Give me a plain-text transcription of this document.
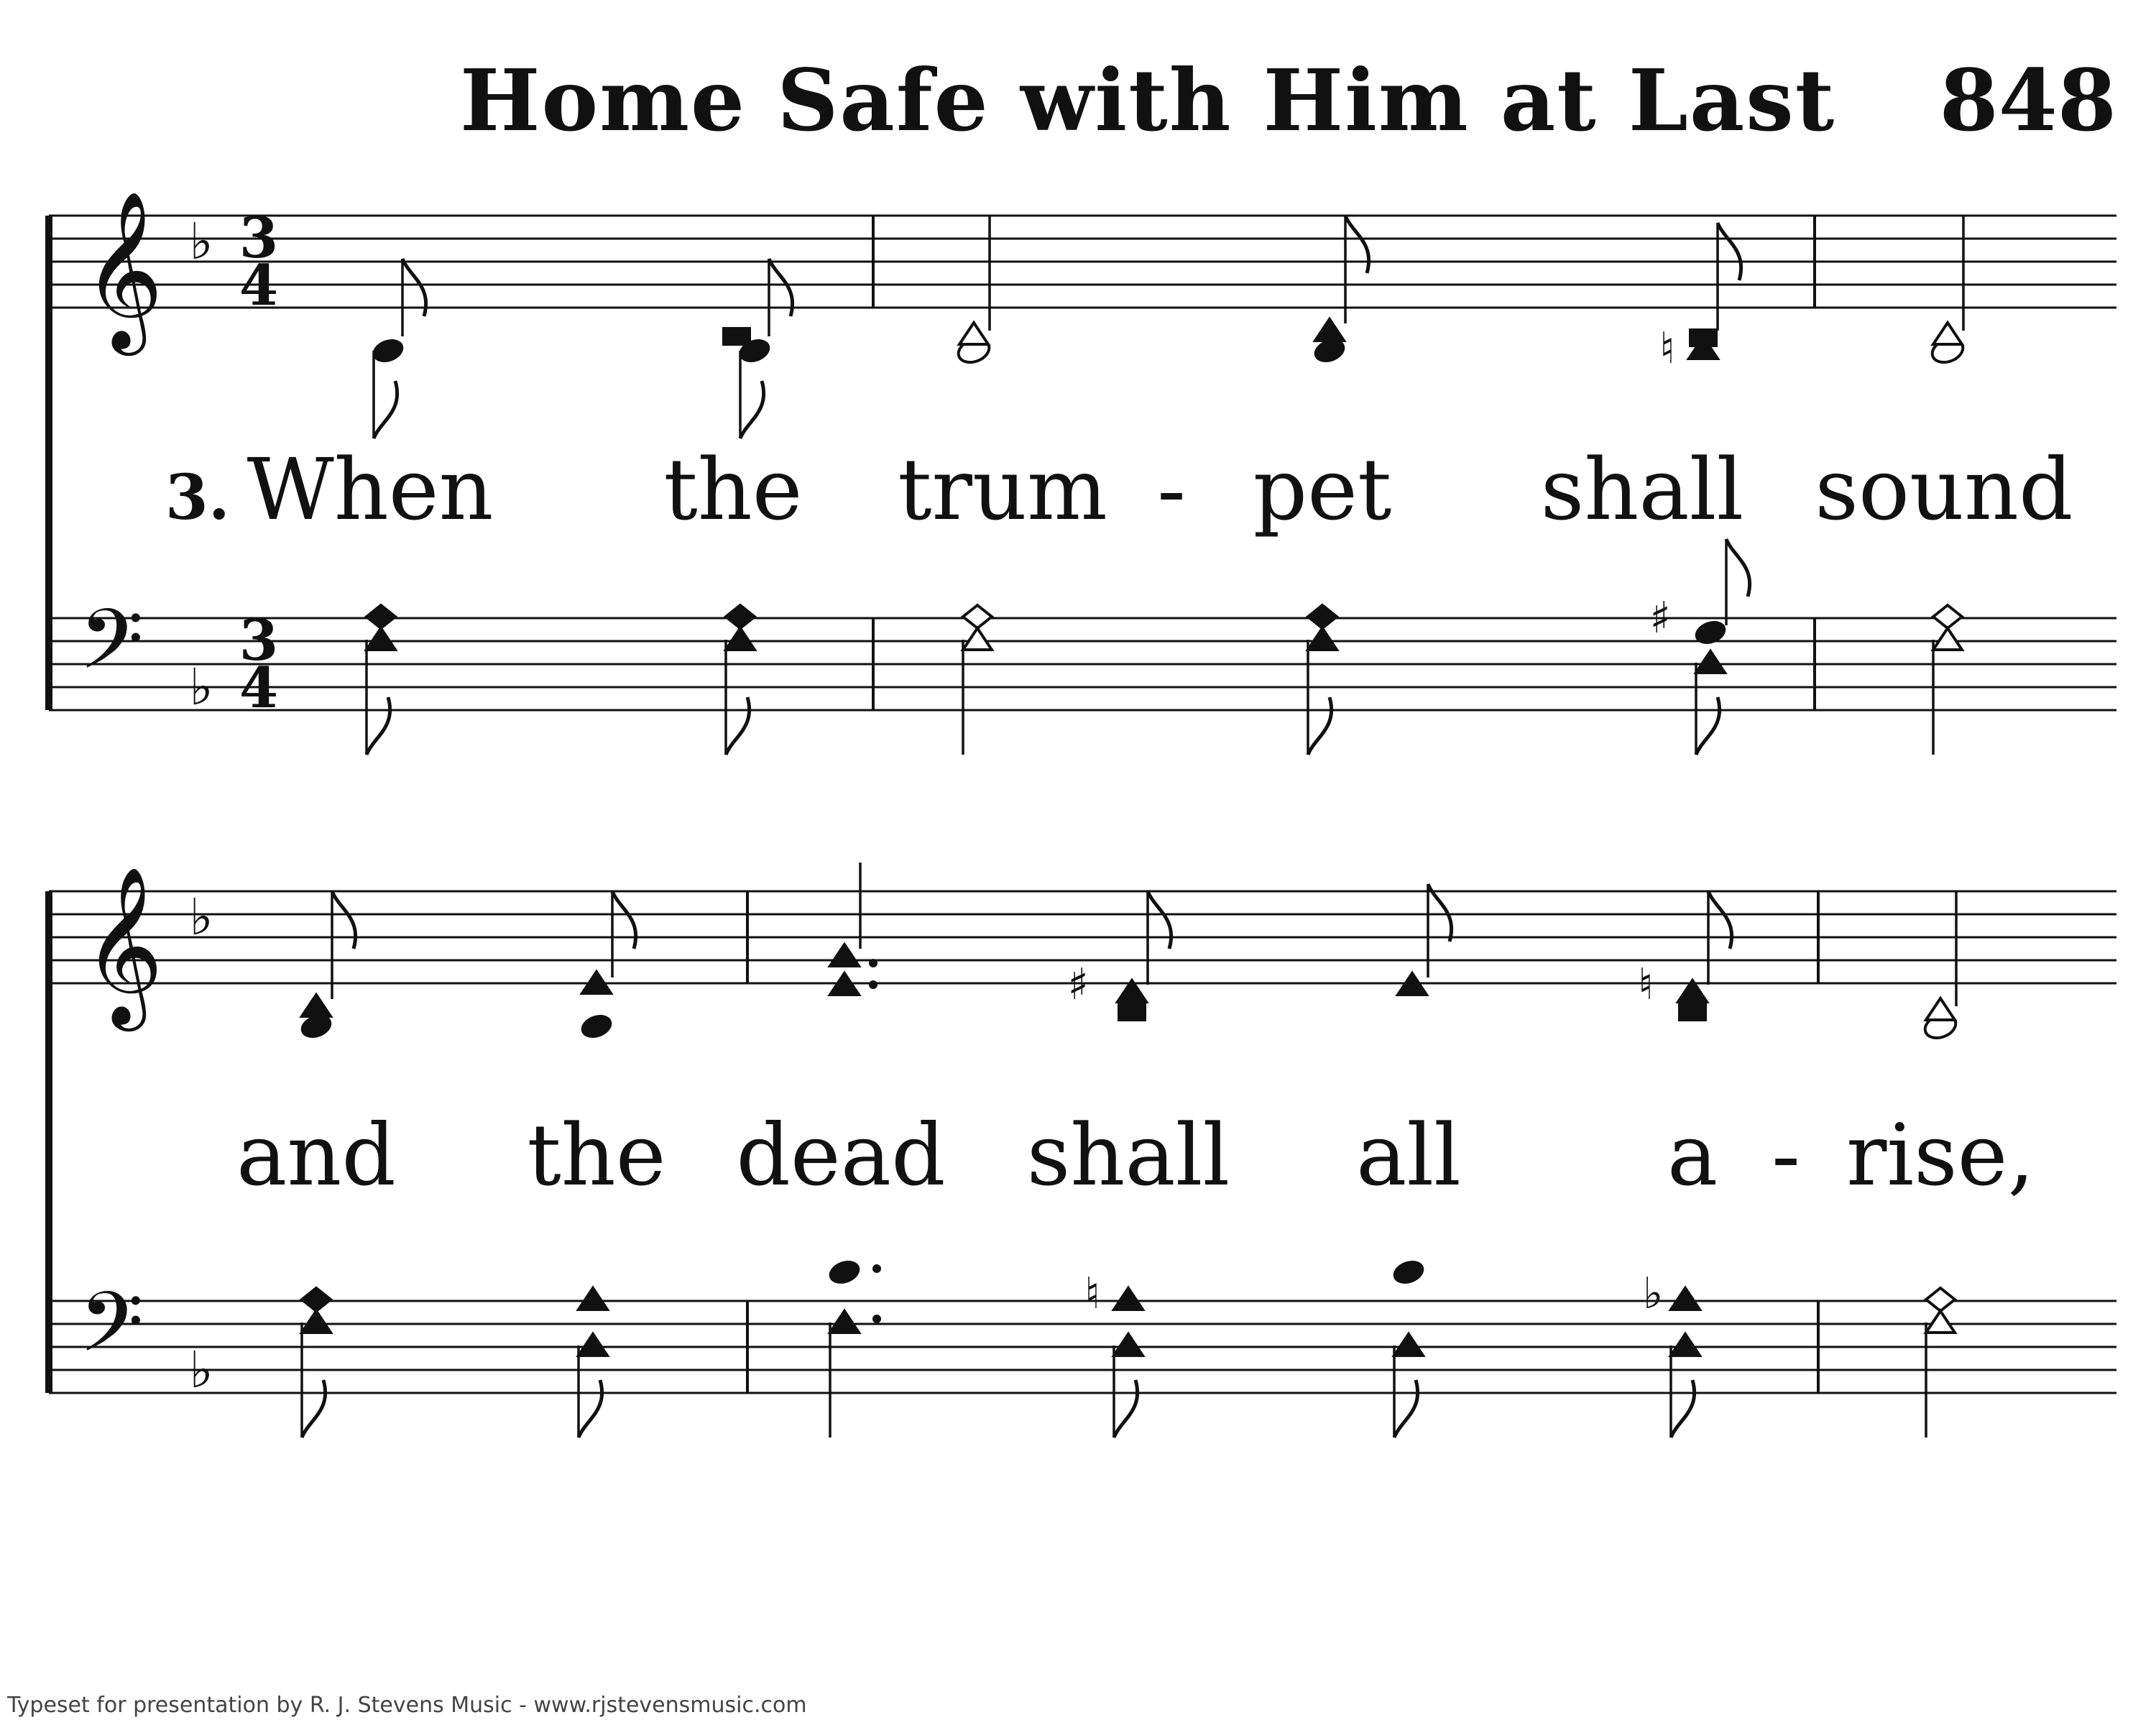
Home Safe with Him at Last 848
𝄞
𝄢
♭
♭
3
4
3
4
♮
♯
3. When the trum - pet shall sound
𝄞
𝄢
♭
♭
♯	♮
♮	♭
and the dead shall all a - rise,
Typeset for presentation by R. J. Stevens Music - www.rjstevensmusic.com
